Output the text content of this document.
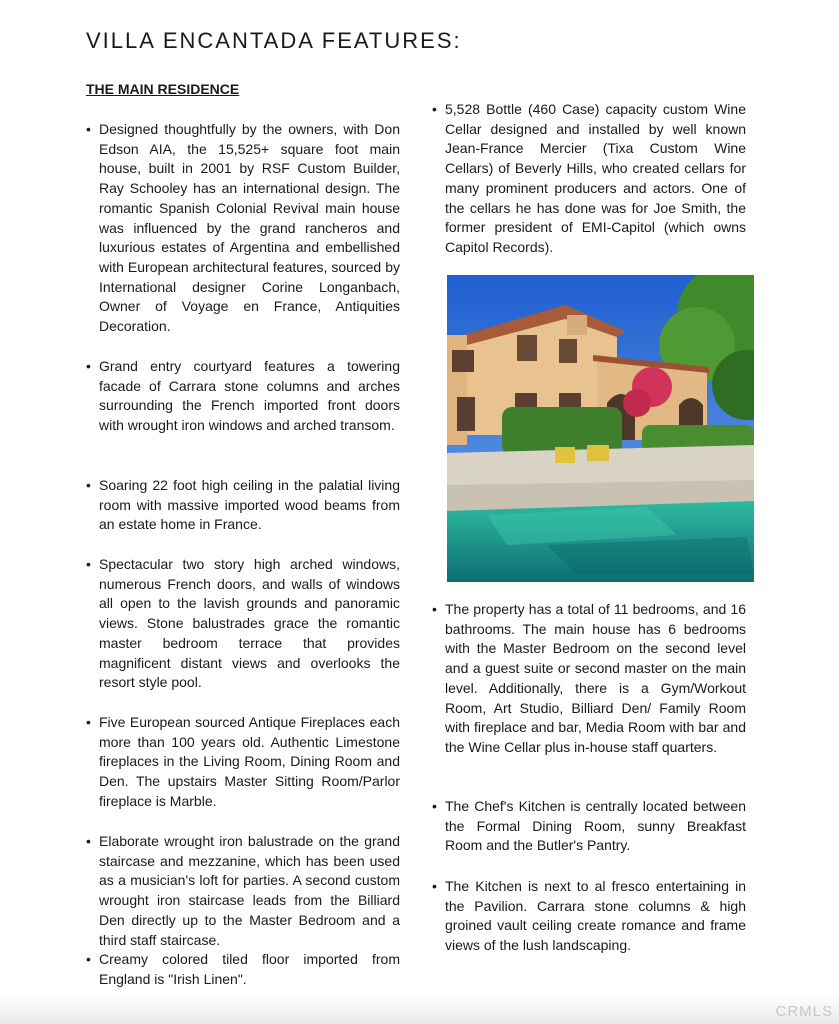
VILLA ENCANTADA FEATURES:
THE MAIN RESIDENCE
• Designed thoughtfully by the owners, with Don Edson AIA, the 15,525+ square foot main house, built in 2001 by RSF Custom Builder, Ray Schooley has an international design. The romantic Spanish Colonial Revival main house was influenced by the grand rancheros and luxurious estates of Argentina and embellished with European architectural features, sourced by International designer Corine Longanbach, Owner of Voyage en France, Antiquities Decoration.
• Grand entry courtyard features a towering facade of Carrara stone columns and arches surrounding the French imported front doors with wrought iron windows and arched transom.
• Soaring 22 foot high ceiling in the palatial living room with massive imported wood beams from an estate home in France.
• Spectacular two story high arched windows, numerous French doors, and walls of windows all open to the lavish grounds and panoramic views. Stone balustrades grace the romantic master bedroom terrace that provides magnificent distant views and overlooks the resort style pool.
• Five European sourced Antique Fireplaces each more than 100 years old. Authentic Limestone fireplaces in the Living Room, Dining Room and Den. The upstairs Master Sitting Room/Parlor fireplace is Marble.
• Elaborate wrought iron balustrade on the grand staircase and mezzanine, which has been used as a musician's loft for parties. A second custom wrought iron staircase leads from the Billiard Den directly up to the Master Bedroom and a third staff staircase.
• Creamy colored tiled floor imported from England is "Irish Linen".
• 5,528 Bottle (460 Case) capacity custom Wine Cellar designed and installed by well known Jean-France Mercier (Tixa Custom Wine Cellars) of Beverly Hills, who created cellars for many prominent producers and actors. One of the cellars he has done was for Joe Smith, the former president of EMI-Capitol (which owns Capitol Records).
• The property has a total of 11 bedrooms, and 16 bathrooms. The main house has 6 bedrooms with the Master Bedroom on the second level and a guest suite or second master on the main level. Additionally, there is a Gym/Workout Room, Art Studio, Billiard Den/ Family Room with fireplace and bar, Media Room with bar and the Wine Cellar plus in-house staff quarters.
• The Chef's Kitchen is centrally located between the Formal Dining Room, sunny Breakfast Room and the Butler's Pantry.
• The Kitchen is next to al fresco entertaining in the Pavilion. Carrara stone columns & high groined vault ceiling create romance and frame views of the lush landscaping.
CRMLS
